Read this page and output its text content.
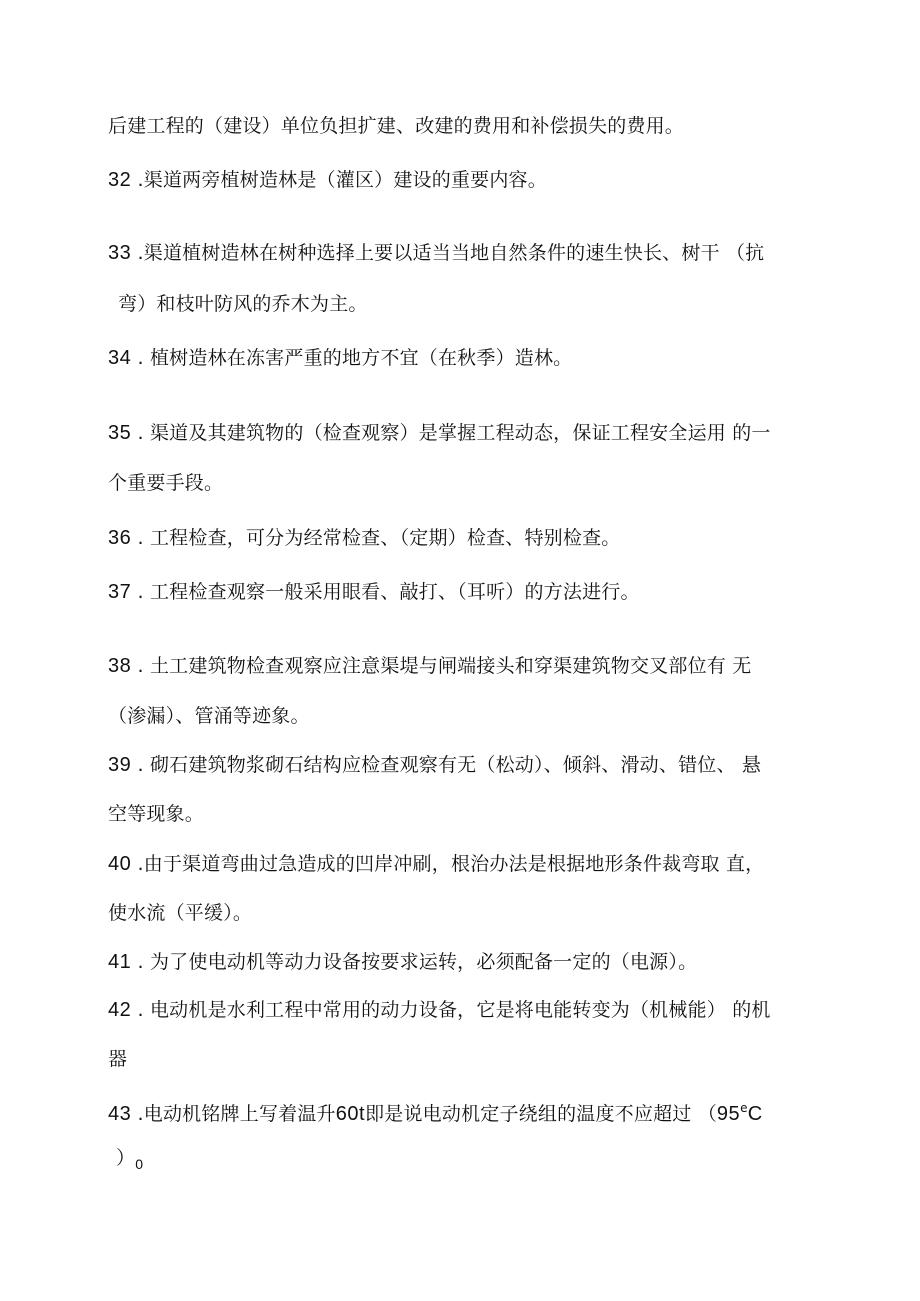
后建工程的（建设）单位负担扩建、改建的费用和补偿损失的费用。
32 .渠道两旁植树造林是（灌区）建设的重要内容。
33 .渠道植树造林在树种选择上要以适当当地自然条件的速生快长、树干 （抗
弯）和枝叶防风的乔木为主。
34 . 植树造林在冻害严重的地方不宜（在秋季）造林。
35 . 渠道及其建筑物的（检查观察）是掌握工程动态，保证工程安全运用 的一
个重要手段。
36 . 工程检查，可分为经常检查、（定期）检查、特别检查。
37 . 工程检查观察一般采用眼看、敲打、（耳听）的方法进行。
38 . 土工建筑物检查观察应注意渠堤与闸端接头和穿渠建筑物交叉部位有 无
（渗漏）、管涌等迹象。
39 . 砌石建筑物浆砌石结构应检查观察有无（松动）、倾斜、滑动、错位、 悬
空等现象。
40 .由于渠道弯曲过急造成的凹岸冲刷，根治办法是根据地形条件裁弯取 直，
使水流（平缓）。
41 . 为了使电动机等动力设备按要求运转，必须配备一定的（电源）。
42 . 电动机是水利工程中常用的动力设备，它是将电能转变为（机械能） 的机
器
43 .电动机铭牌上写着温升60t即是说电动机定子绕组的温度不应超过 （95eC
）$_0$
